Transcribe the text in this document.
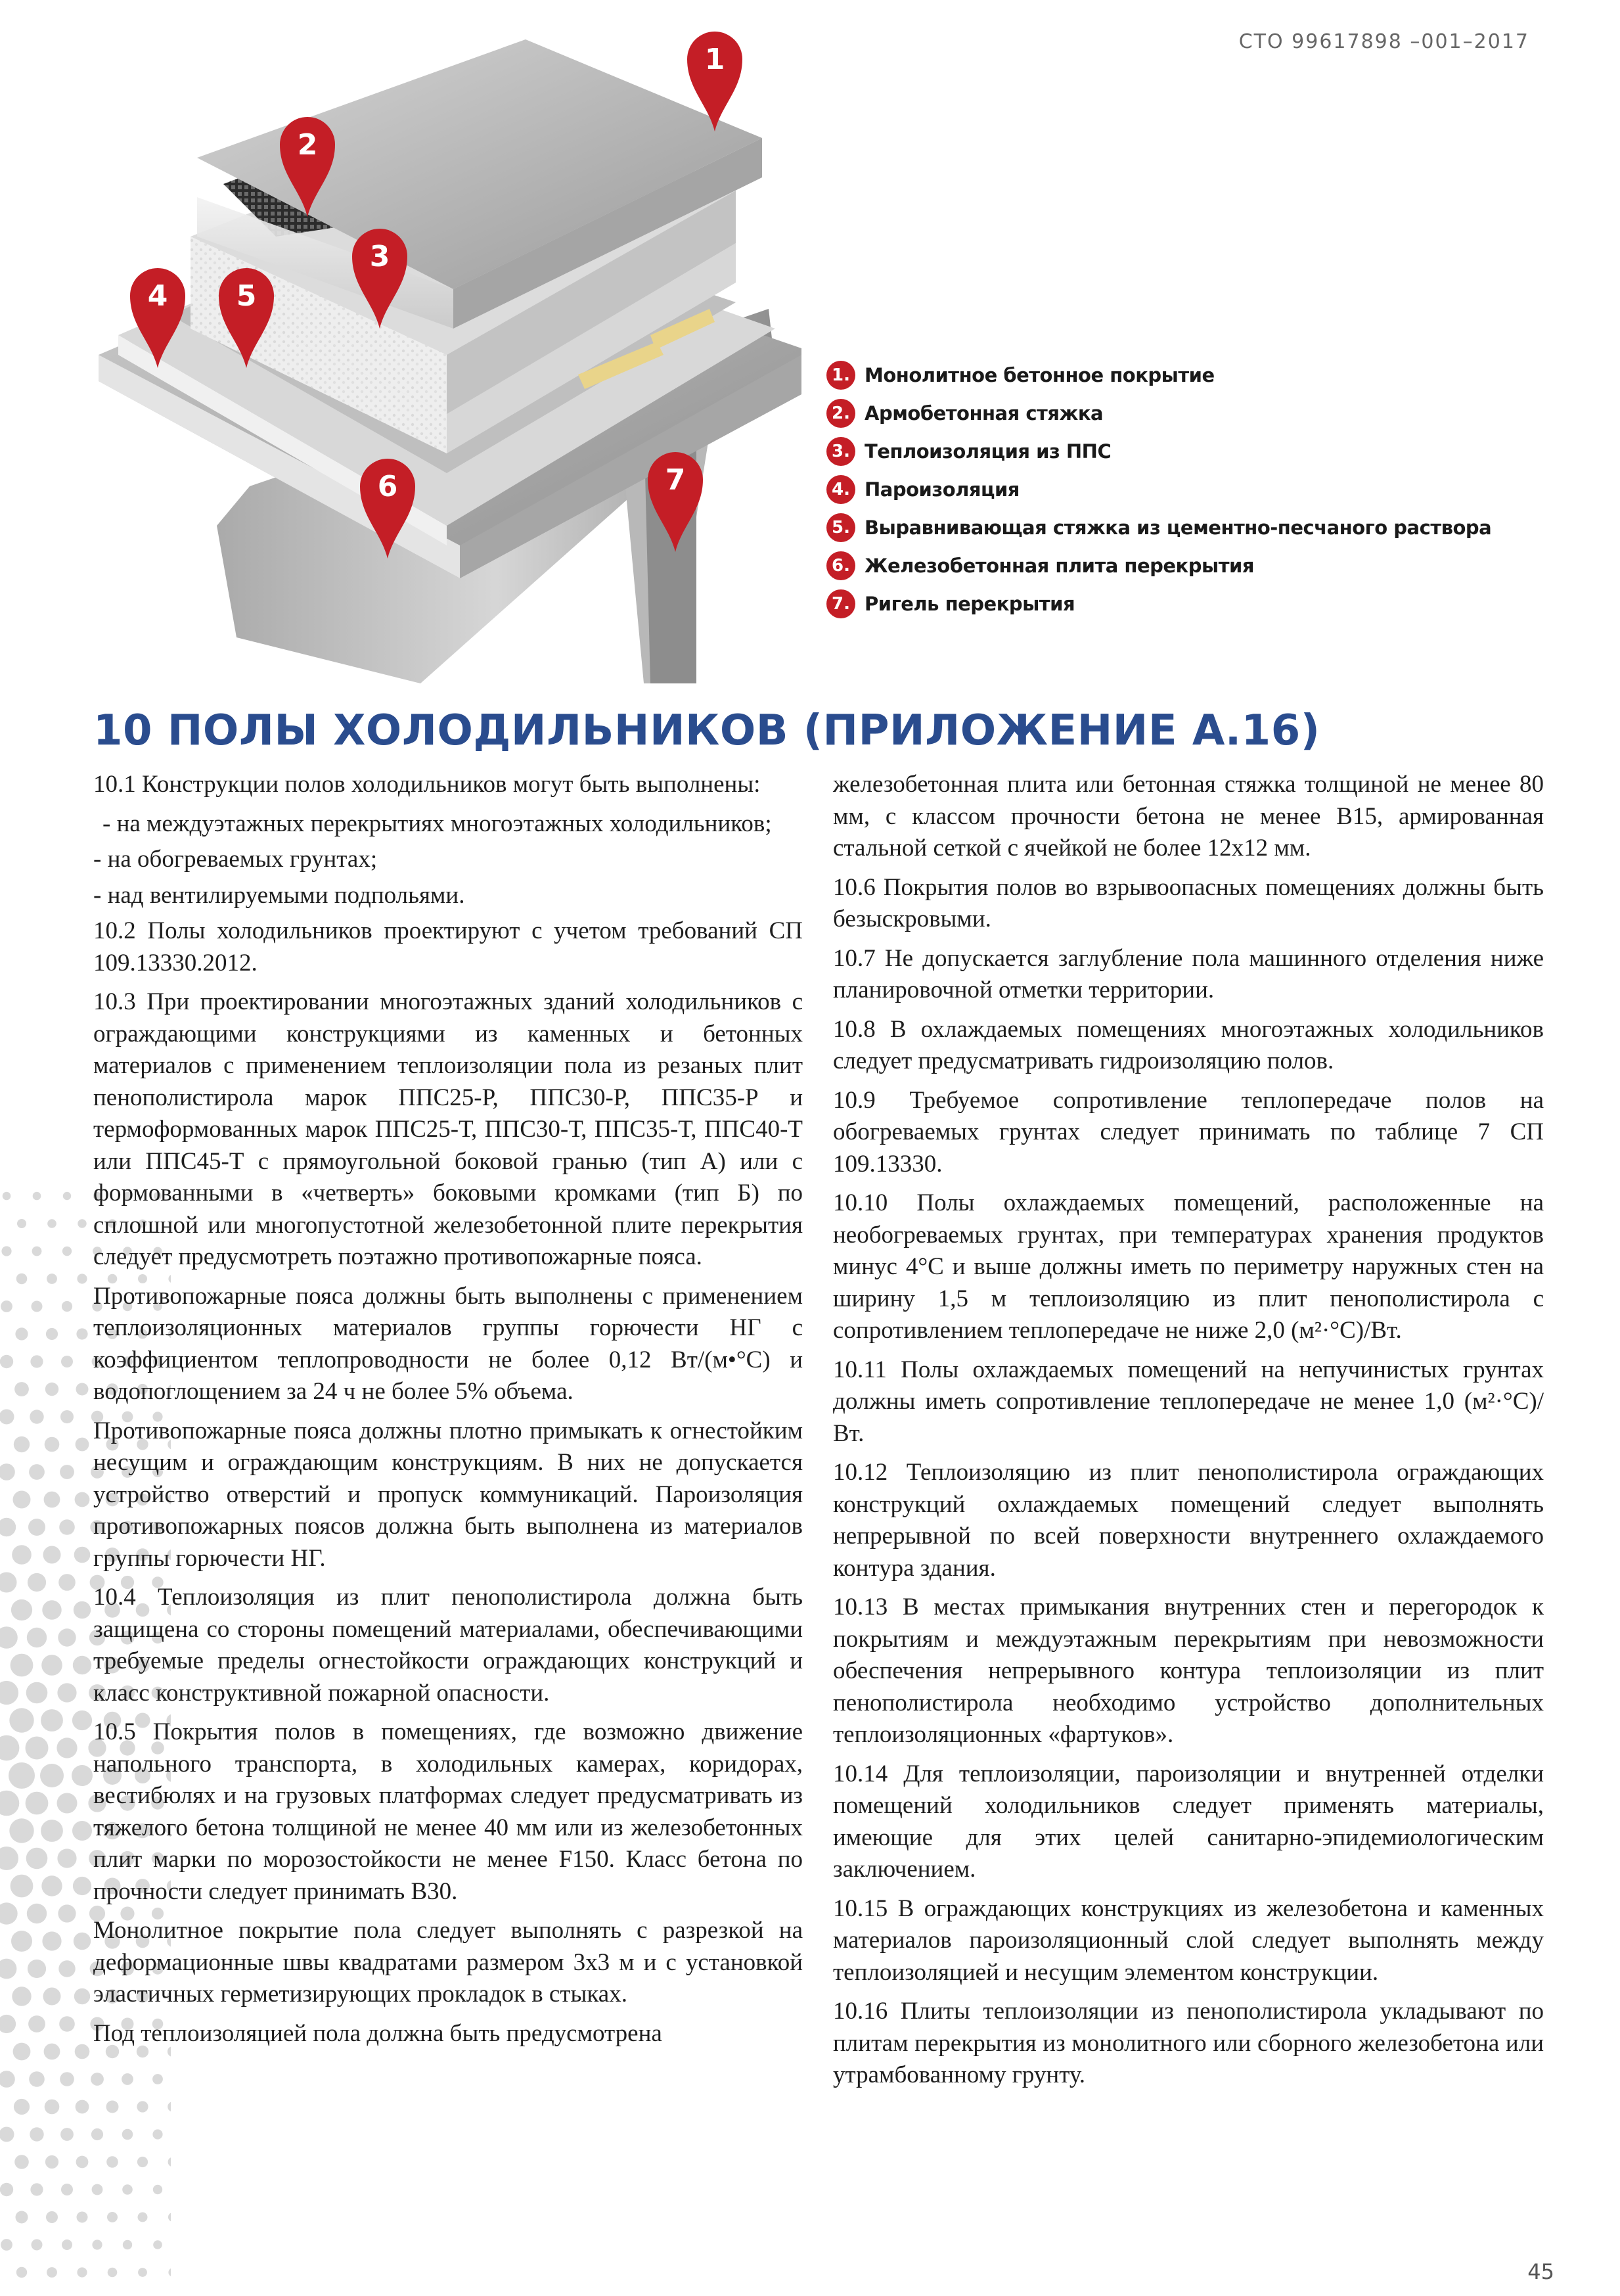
СТО 99617898 –001–2017
1
2
3
4 5
6	7
1. Монолитное бетонное покрытие
2. Армобетонная стяжка
3. Теплоизоляция из ППС
4. Пароизоляция
5. Выравнивающая стяжка из цементно-песчаного раствора
6. Железобетонная плита перекрытия
7. Ригель перекрытия
10 ПОЛЫ ХОЛОДИЛЬНИКОВ (ПРИЛОЖЕНИЕ А.16)

10.1 Конструкции полов холодильников могут быть выполнены:

- на междуэтажных перекрытиях многоэтажных холодильников;

- на обогреваемых грунтах;

- над вентилируемыми подпольями.

10.2 Полы холодильников проектируют с учетом требований СП 109.13330.2012.

10.3 При проектировании многоэтажных зданий холодильников с ограждающими конструкциями из каменных и бетонных материалов с применением теплоизоляции пола из резаных плит пенополистирола марок ППС25-Р, ППС30-Р, ППС35-Р и термоформованных марок ППС25-Т, ППС30-Т, ППС35-Т, ППС40-Т или ППС45-Т с прямоугольной боковой гранью (тип А) или с формованными в «четверть» боковыми кромками (тип Б) по сплошной или многопустотной железобетонной плите перекрытия следует предусмотреть поэтажно противопожарные пояса.

Противопожарные пояса должны быть выполнены с применением теплоизоляционных материалов группы горючести НГ с коэффициентом теплопроводности не более 0,12 Вт/(м•°С) и водопоглощением за 24 ч не более 5% объема.

Противопожарные пояса должны плотно примыкать к огнестойким несущим и ограждающим конструкциям. В них не допускается устройство отверстий и пропуск коммуникаций. Пароизоляция противопожарных поясов должна быть выполнена из материалов группы горючести НГ.

10.4 Теплоизоляция из плит пенополистирола должна быть защищена со стороны помещений материалами, обеспечивающими требуемые пределы огнестойкости ограждающих конструкций и класс конструктивной пожарной опасности.

10.5 Покрытия полов в помещениях, где возможно движение напольного транспорта, в холодильных камерах, коридорах, вестибюлях и на грузовых платформах следует предусматривать из тяжелого бетона толщиной не менее 40 мм или из железобетонных плит марки по морозостойкости не менее F150. Класс бетона по прочности следует принимать В30.

Монолитное покрытие пола следует выполнять с разрезкой на деформационные швы квадратами размером 3х3 м и с установкой эластичных герметизирующих прокладок в стыках.

Под теплоизоляцией пола должна быть предусмотрена

железобетонная плита или бетонная стяжка толщиной не менее 80 мм, с классом прочности бетона не менее В15, армированная стальной сеткой с ячейкой не более 12х12 мм.

10.6 Покрытия полов во взрывоопасных помещениях должны быть безыскровыми.

10.7 Не допускается заглубление пола машинного отделения ниже планировочной отметки территории.

10.8 В охлаждаемых помещениях многоэтажных холодильников следует предусматривать гидроизоляцию полов.

10.9 Требуемое сопротивление теплопередаче полов на обогреваемых грунтах следует принимать по таблице 7 СП 109.13330.

10.10 Полы охлаждаемых помещений, расположенные на необогреваемых грунтах, при температурах хранения продуктов минус 4°С и выше должны иметь по периметру наружных стен на ширину 1,5 м теплоизоляцию из плит пенополистирола с сопротивлением теплопередаче не ниже 2,0 (м²·°С)/Вт.

10.11 Полы охлаждаемых помещений на непучинистых грунтах должны иметь сопротивление теплопередаче не менее 1,0 (м²·°С)/Вт.

10.12 Теплоизоляцию из плит пенополистирола ограждающих конструкций охлаждаемых помещений следует выполнять непрерывной по всей поверхности внутреннего охлаждаемого контура здания.

10.13 В местах примыкания внутренних стен и перегородок к покрытиям и междуэтажным перекрытиям при невозможности обеспечения непрерывного контура теплоизоляции из плит пенополистирола необходимо устройство дополнительных теплоизоляционных «фартуков».

10.14 Для теплоизоляции, пароизоляции и внутренней отделки помещений холодильников следует применять материалы, имеющие для этих целей санитарно-эпидемиологическим заключением.

10.15 В ограждающих конструкциях из железобетона и каменных материалов пароизоляционный слой следует выполнять между теплоизоляцией и несущим элементом конструкции.

10.16 Плиты теплоизоляции из пенополистирола укладывают по плитам перекрытия из монолитного или сборного железобетона или утрамбованному грунту.

45
